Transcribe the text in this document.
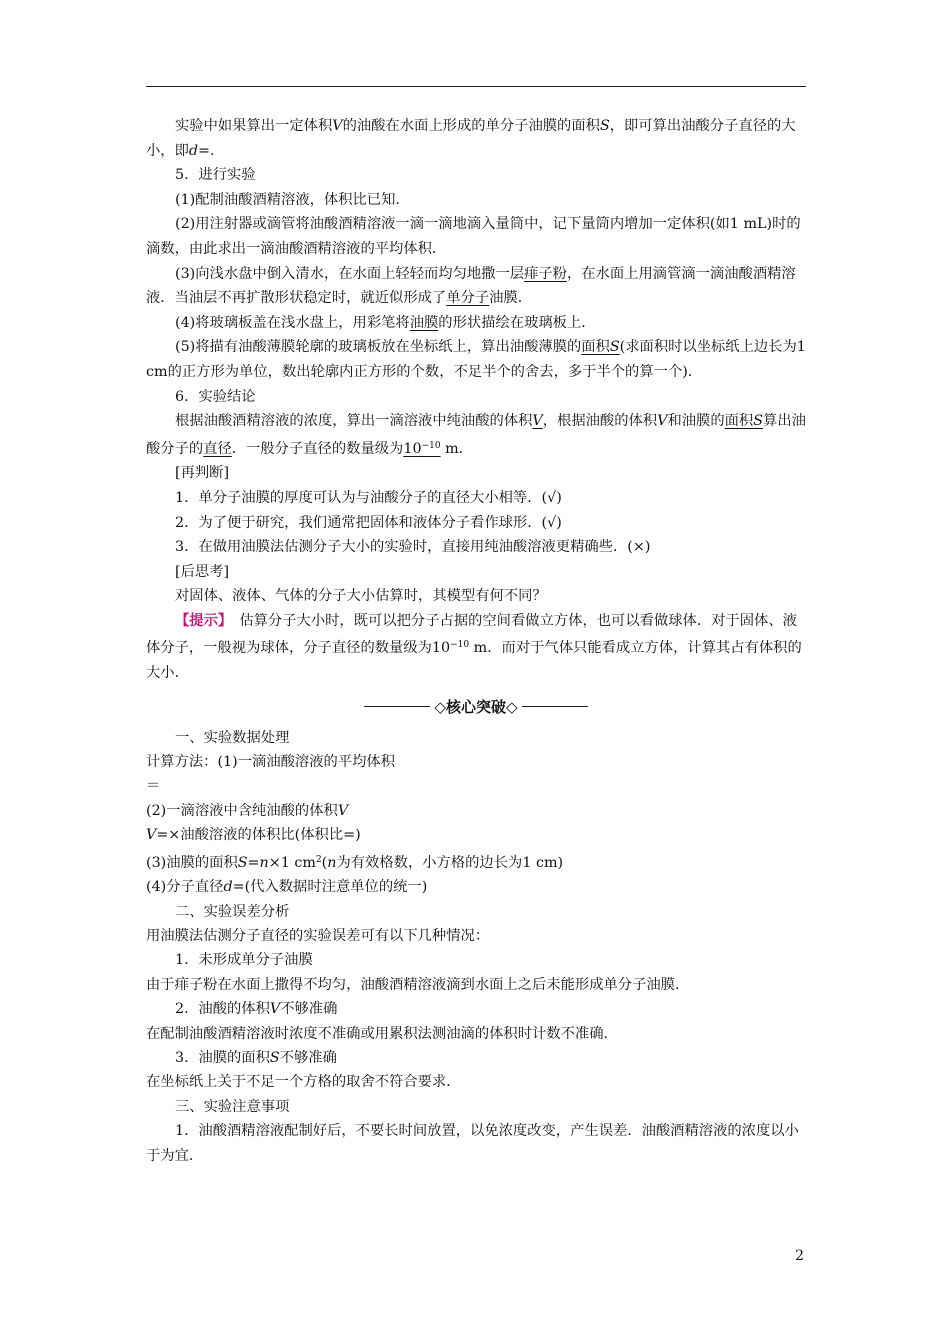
实验中如果算出一定体积V的油酸在水面上形成的单分子油膜的面积S，即可算出油酸分子直径的大小，即d=.

5．进行实验

(1)配制油酸酒精溶液，体积比已知．

(2)用注射器或滴管将油酸酒精溶液一滴一滴地滴入量筒中，记下量筒内增加一定体积(如1 mL)时的滴数，由此求出一滴油酸酒精溶液的平均体积．

(3)向浅水盘中倒入清水，在水面上轻轻而均匀地撒一层痱子粉，在水面上用滴管滴一滴油酸酒精溶液．当油层不再扩散形状稳定时，就近似形成了单分子油膜．

(4)将玻璃板盖在浅水盘上，用彩笔将油膜的形状描绘在玻璃板上．

(5)将描有油酸薄膜轮廓的玻璃板放在坐标纸上，算出油酸薄膜的面积S(求面积时以坐标纸上边长为1 cm的正方形为单位，数出轮廓内正方形的个数，不足半个的舍去，多于半个的算一个)．

6．实验结论

根据油酸酒精溶液的浓度，算出一滴溶液中纯油酸的体积V，根据油酸的体积V和油膜的面积S算出油酸分子的直径．一般分子直径的数量级为$10^{-10}$ m．

[再判断]

1．单分子油膜的厚度可认为与油酸分子的直径大小相等．(√)

2．为了便于研究，我们通常把固体和液体分子看作球形．(√)

3．在做用油膜法估测分子大小的实验时，直接用纯油酸溶液更精确些．(×)

[后思考]

对固体、液体、气体的分子大小估算时，其模型有何不同？

【提示】　估算分子大小时，既可以把分子占据的空间看做立方体，也可以看做球体．对于固体、液体分子，一般视为球体，分子直径的数量级为$10^{-10}$ m．而对于气体只能看成立方体，计算其占有体积的大小．

◇核心突破◇

一、实验数据处理

计算方法：(1)一滴油酸溶液的平均体积

＝

(2)一滴溶液中含纯油酸的体积V

V=×油酸溶液的体积比(体积比=)

(3)油膜的面积S=n×1 $cm^2(n$为有效格数，小方格的边长为1 cm)

(4)分子直径d=(代入数据时注意单位的统一)

二、实验误差分析

用油膜法估测分子直径的实验误差可有以下几种情况：

1．未形成单分子油膜

由于痱子粉在水面上撒得不均匀，油酸酒精溶液滴到水面上之后未能形成单分子油膜．

2．油酸的体积V不够准确

在配制油酸酒精溶液时浓度不准确或用累积法测油滴的体积时计数不准确．

3．油膜的面积S不够准确

在坐标纸上关于不足一个方格的取舍不符合要求．

三、实验注意事项

1．油酸酒精溶液配制好后，不要长时间放置，以免浓度改变，产生误差．油酸酒精溶液的浓度以小于为宜．

2
